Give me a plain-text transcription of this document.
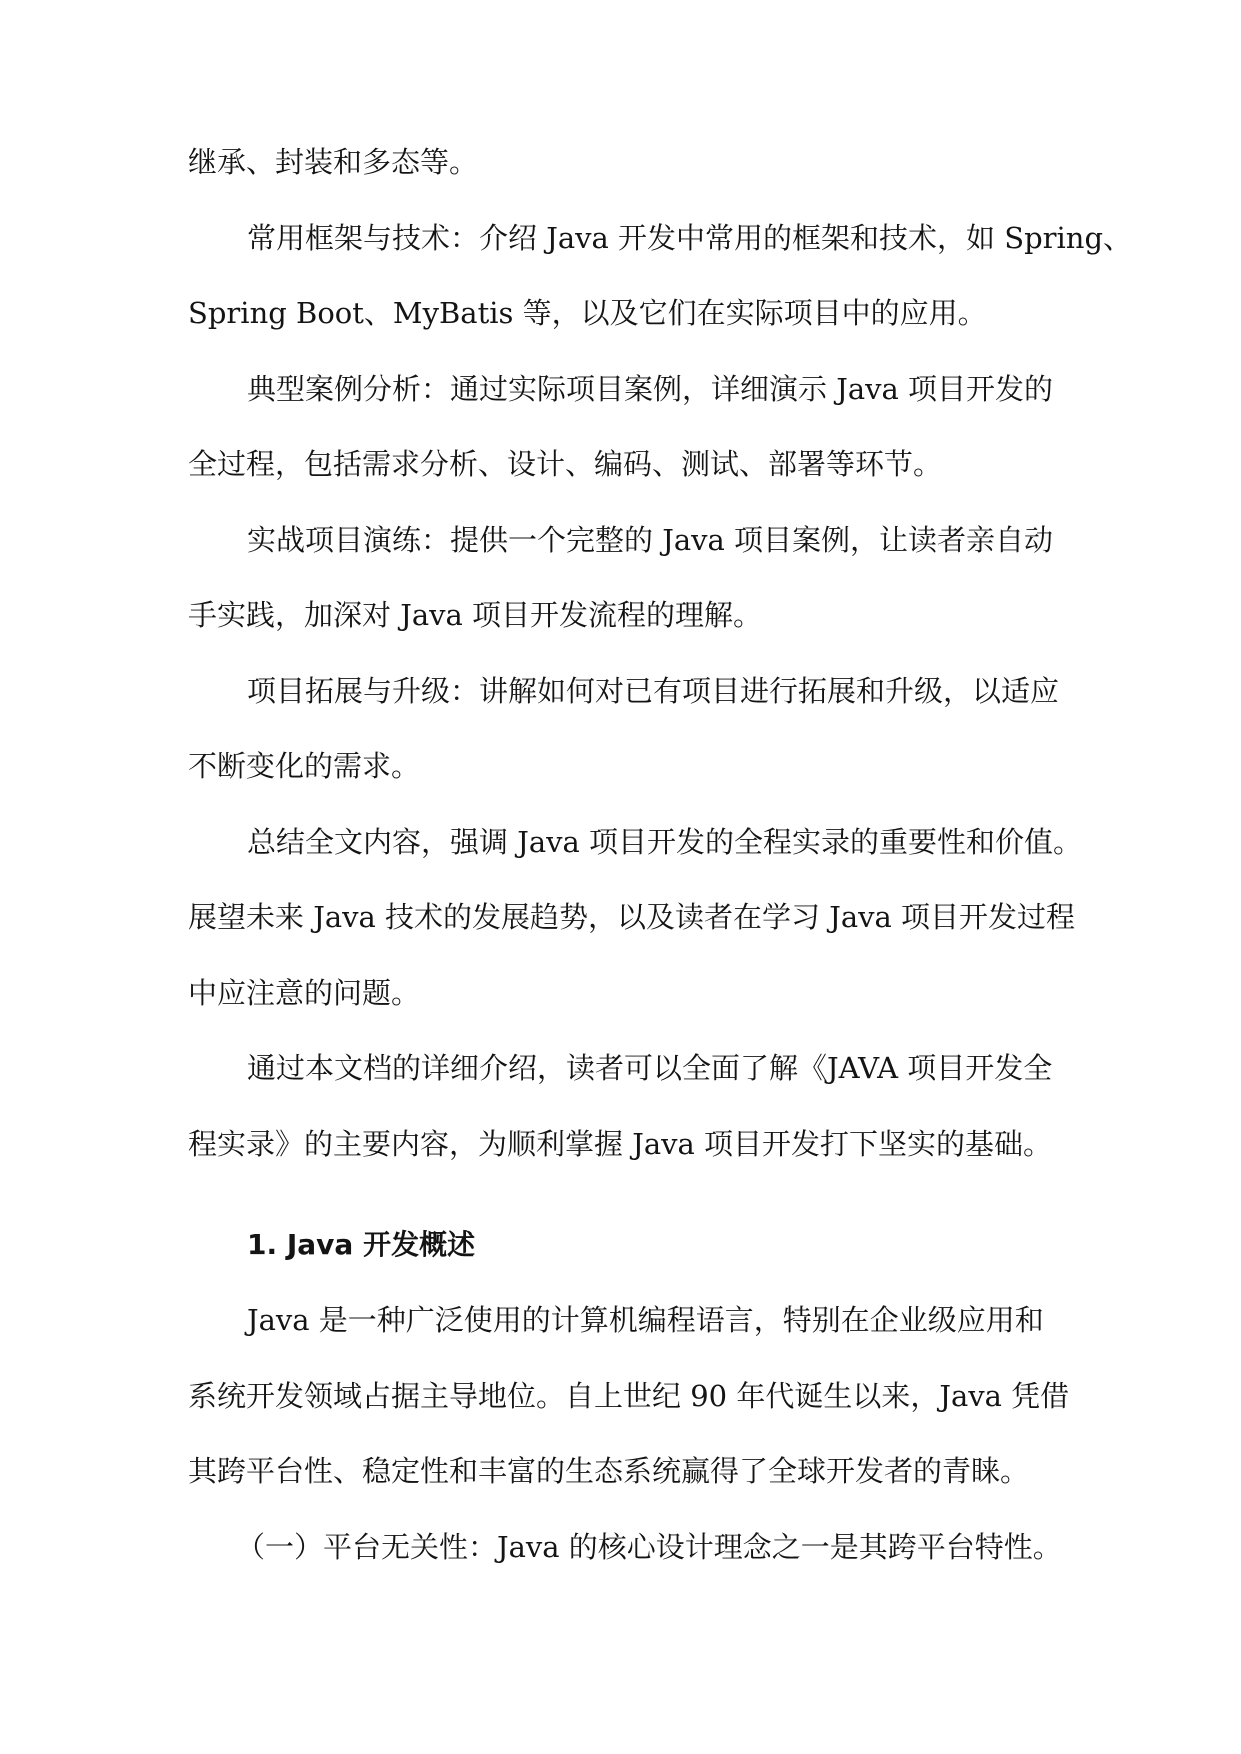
继承、封装和多态等。
常用框架与技术：介绍 Java 开发中常用的框架和技术，如 Spring、
Spring Boot、MyBatis 等，以及它们在实际项目中的应用。
典型案例分析：通过实际项目案例，详细演示 Java 项目开发的
全过程，包括需求分析、设计、编码、测试、部署等环节。
实战项目演练：提供一个完整的 Java 项目案例，让读者亲自动
手实践，加深对 Java 项目开发流程的理解。
项目拓展与升级：讲解如何对已有项目进行拓展和升级，以适应
不断变化的需求。
总结全文内容，强调 Java 项目开发的全程实录的重要性和价值。
展望未来 Java 技术的发展趋势，以及读者在学习 Java 项目开发过程
中应注意的问题。
通过本文档的详细介绍，读者可以全面了解《JAVA 项目开发全
程实录》的主要内容，为顺利掌握 Java 项目开发打下坚实的基础。
1. Java 开发概述
Java 是一种广泛使用的计算机编程语言，特别在企业级应用和
系统开发领域占据主导地位。自上世纪 90 年代诞生以来，Java 凭借
其跨平台性、稳定性和丰富的生态系统赢得了全球开发者的青睐。
（一）平台无关性：Java 的核心设计理念之一是其跨平台特性。
